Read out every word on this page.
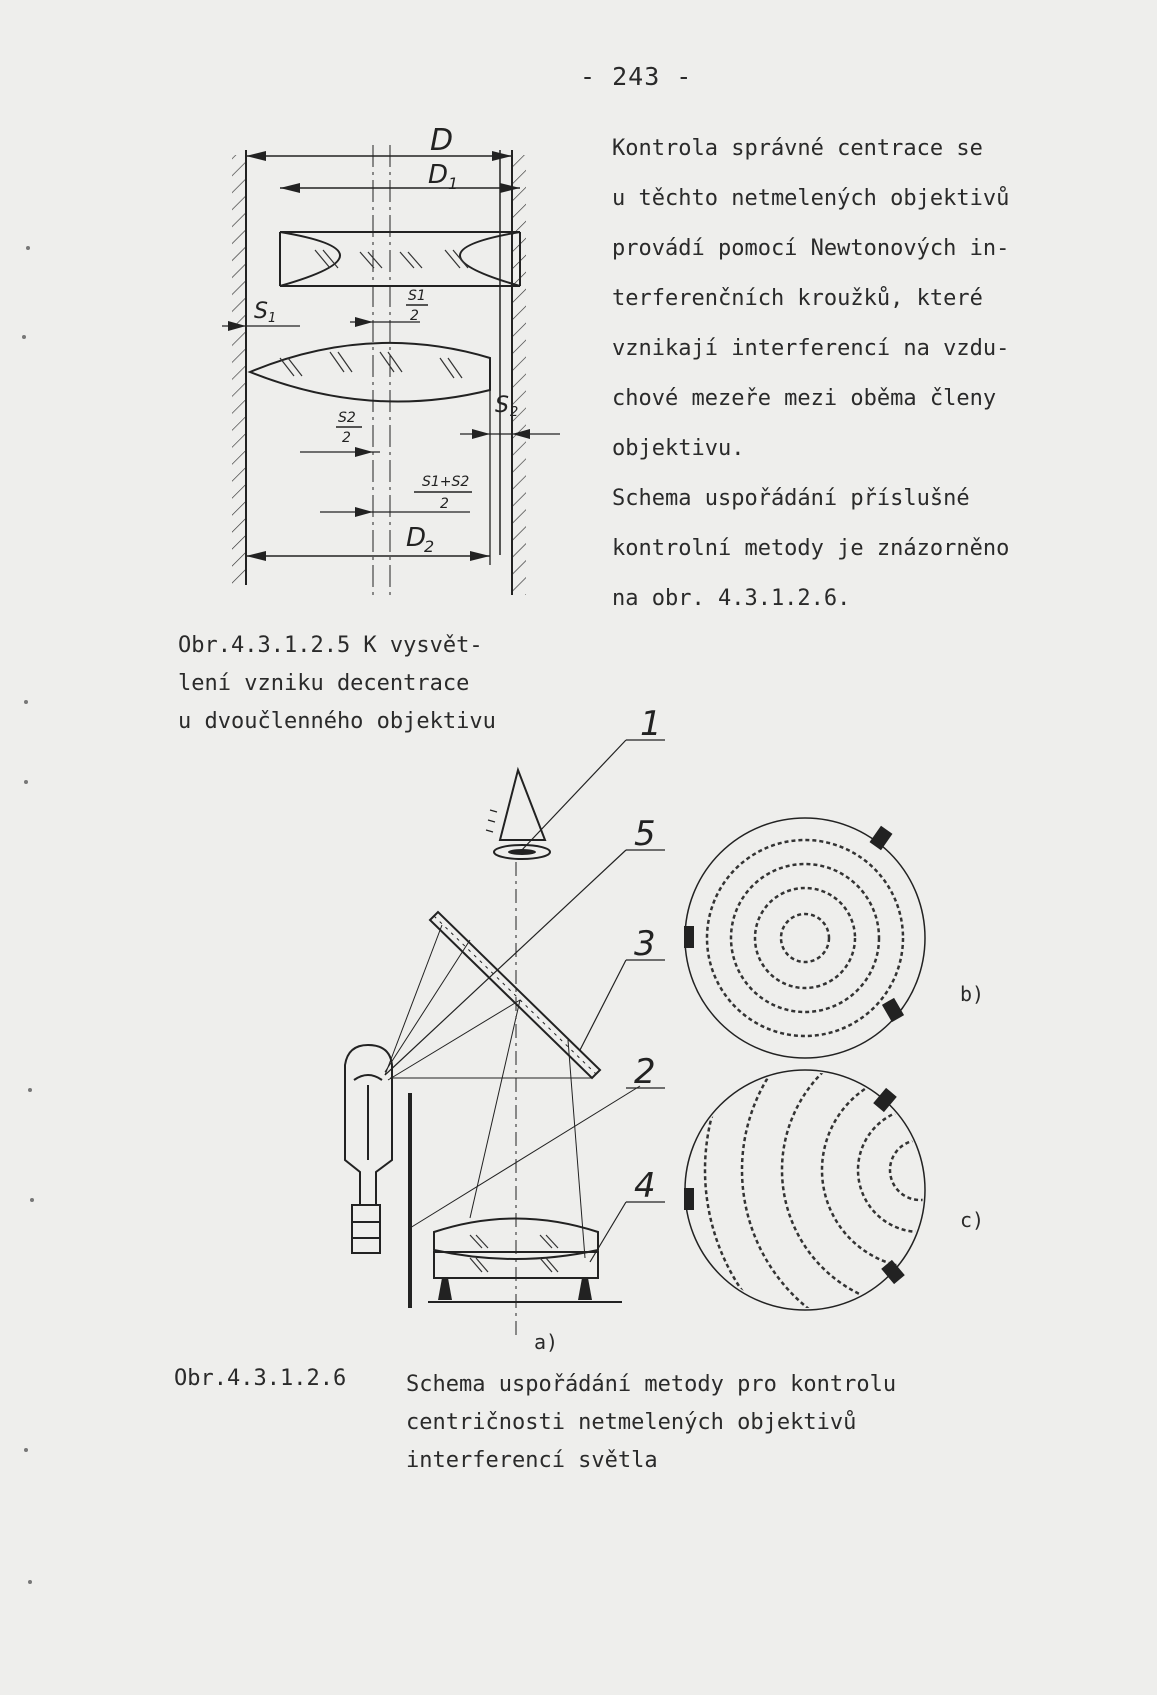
- 243 -
Kontrola správné centrace se
u těchto netmelených objektivů
provádí pomocí Newtonových in-
terferenčních kroužků, které
vznikají interferencí na vzdu-
chové mezeře mezi oběma členy
objektivu.
Schema uspořádání příslušné
kontrolní metody je znázorněno
na obr. 4.3.1.2.6.
D
D 1
S 1
S1
2
S 2
S2
2
S1+S2
2
D
2
Obr.4.3.1.2.5 K vysvět-
lení vzniku decentrace
u dvoučlenného objektivu	1
5
3
2
4
a)
b)
c)
Obr.4.3.1.2.6	Schema uspořádání metody pro kontrolu
centričnosti netmelených objektivů
interferencí světla
